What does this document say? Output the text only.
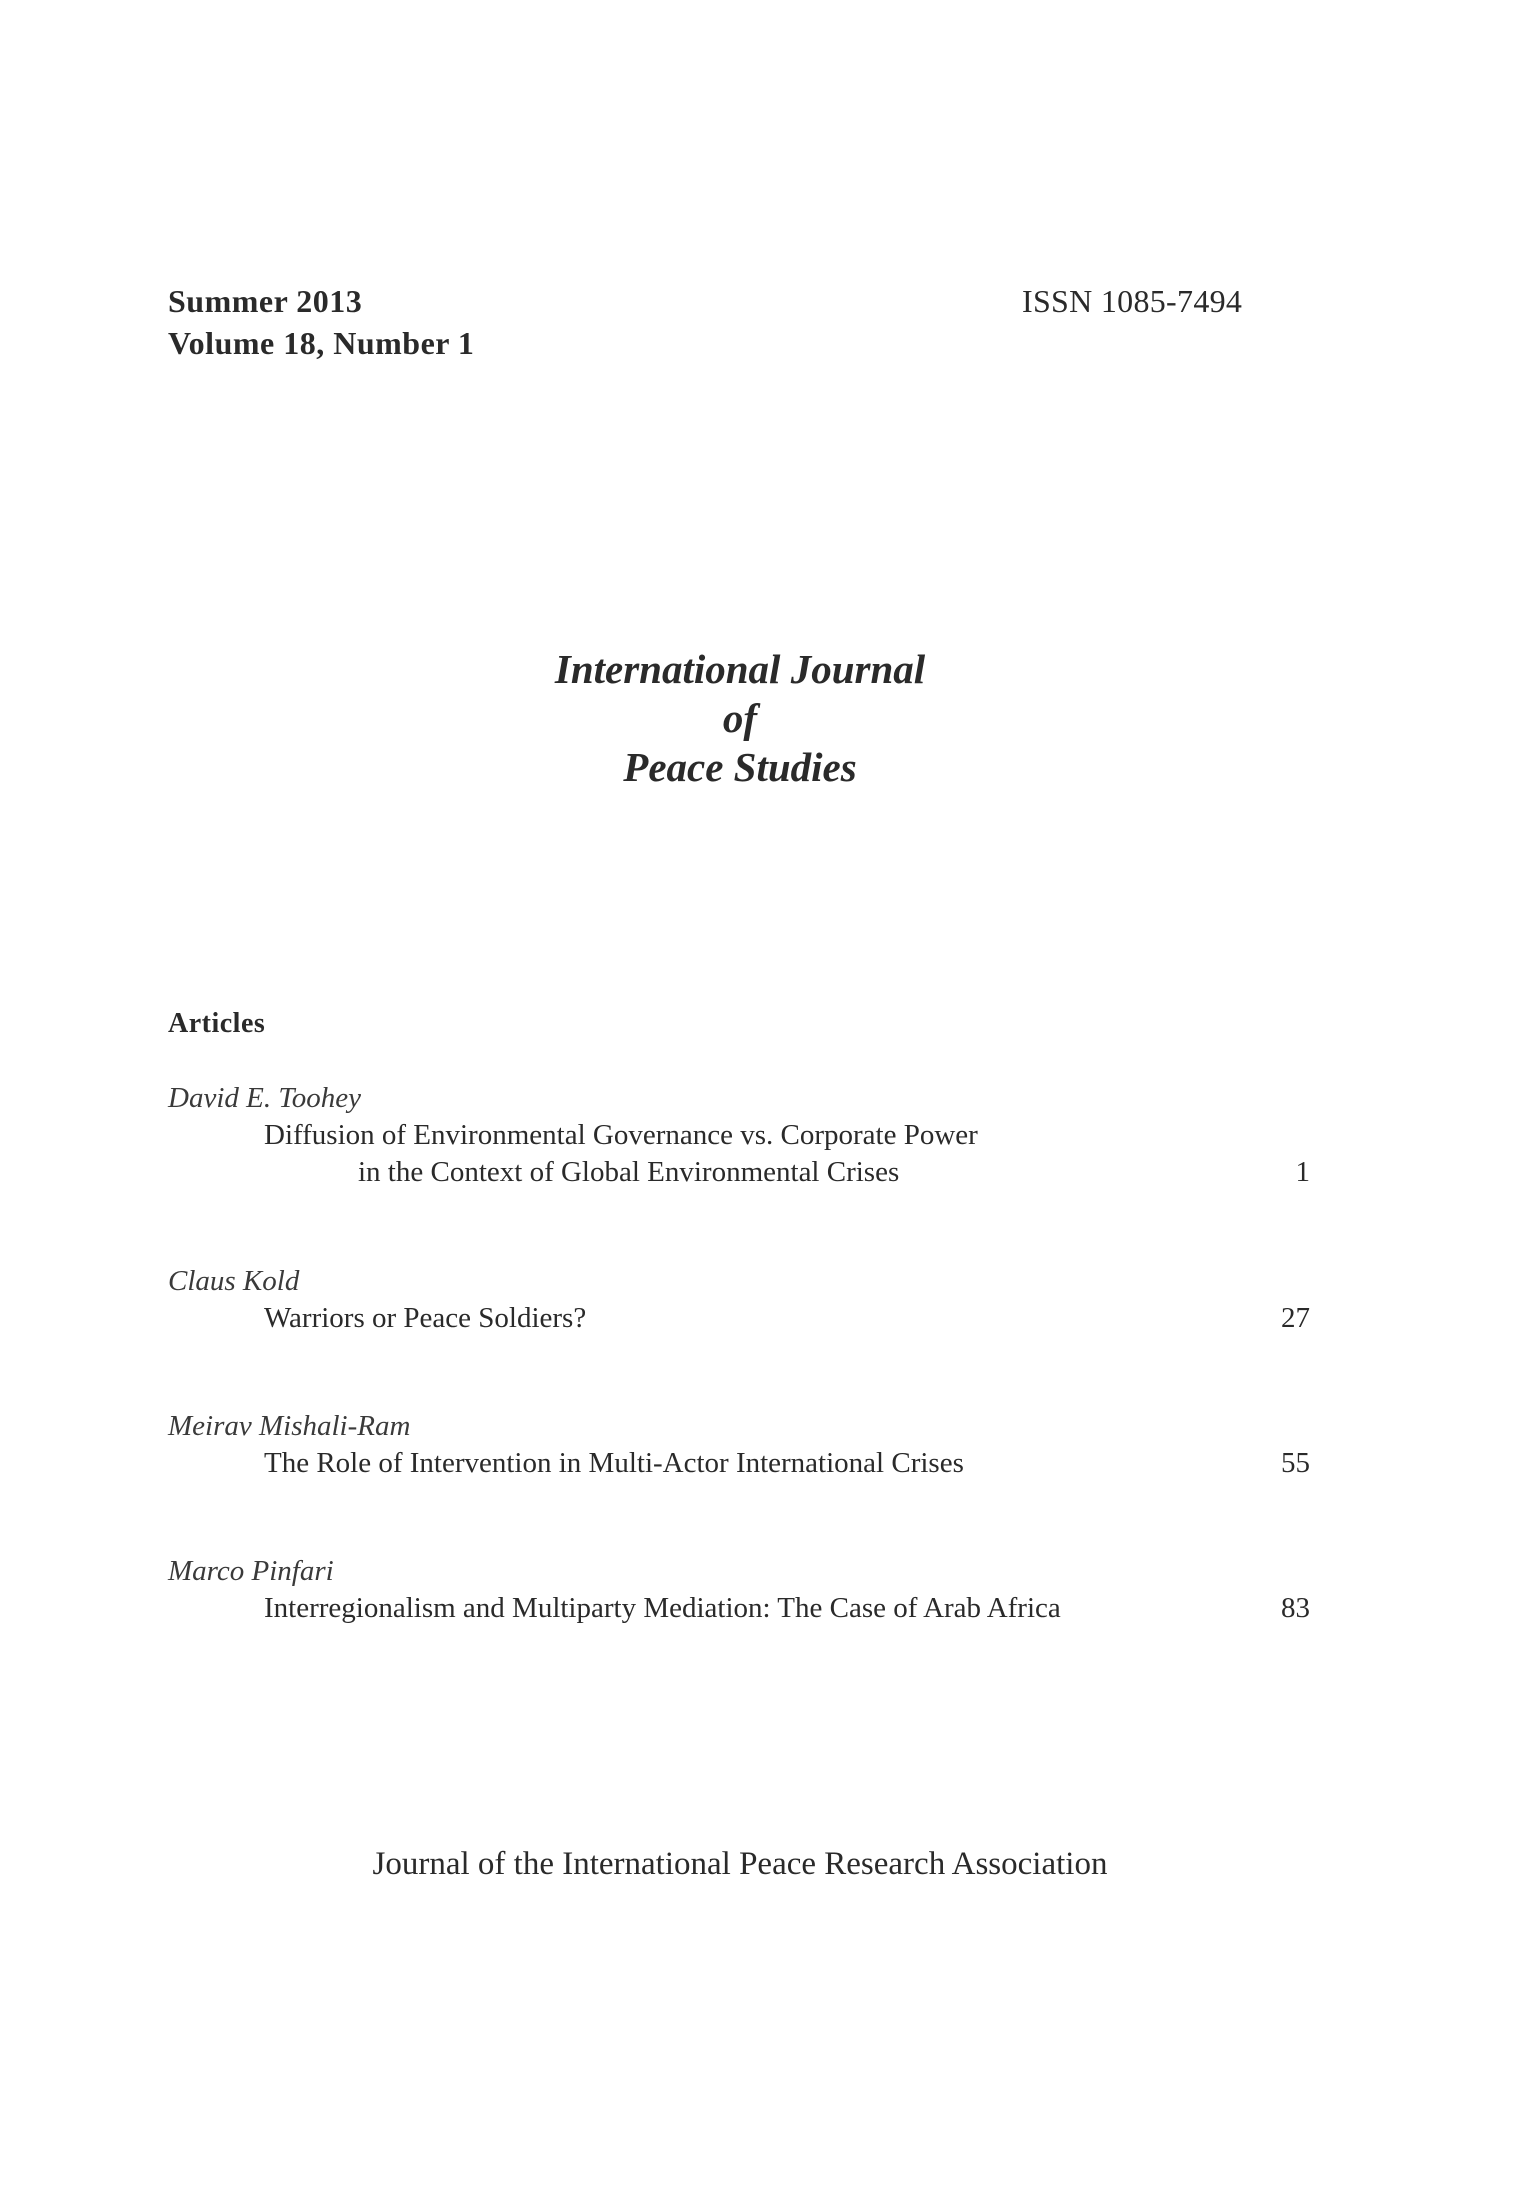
Summer 2013
Volume 18, Number 1
ISSN 1085-7494
International Journal
of
Peace Studies
Articles
David E. Toohey
Diffusion of Environmental Governance vs. Corporate Power
in the Context of Global Environmental Crises	1
Claus Kold
Warriors or Peace Soldiers?	27
Meirav Mishali-Ram
The Role of Intervention in Multi-Actor International Crises	55
Marco Pinfari
Interregionalism and Multiparty Mediation: The Case of Arab Africa	83
Journal of the International Peace Research Association
